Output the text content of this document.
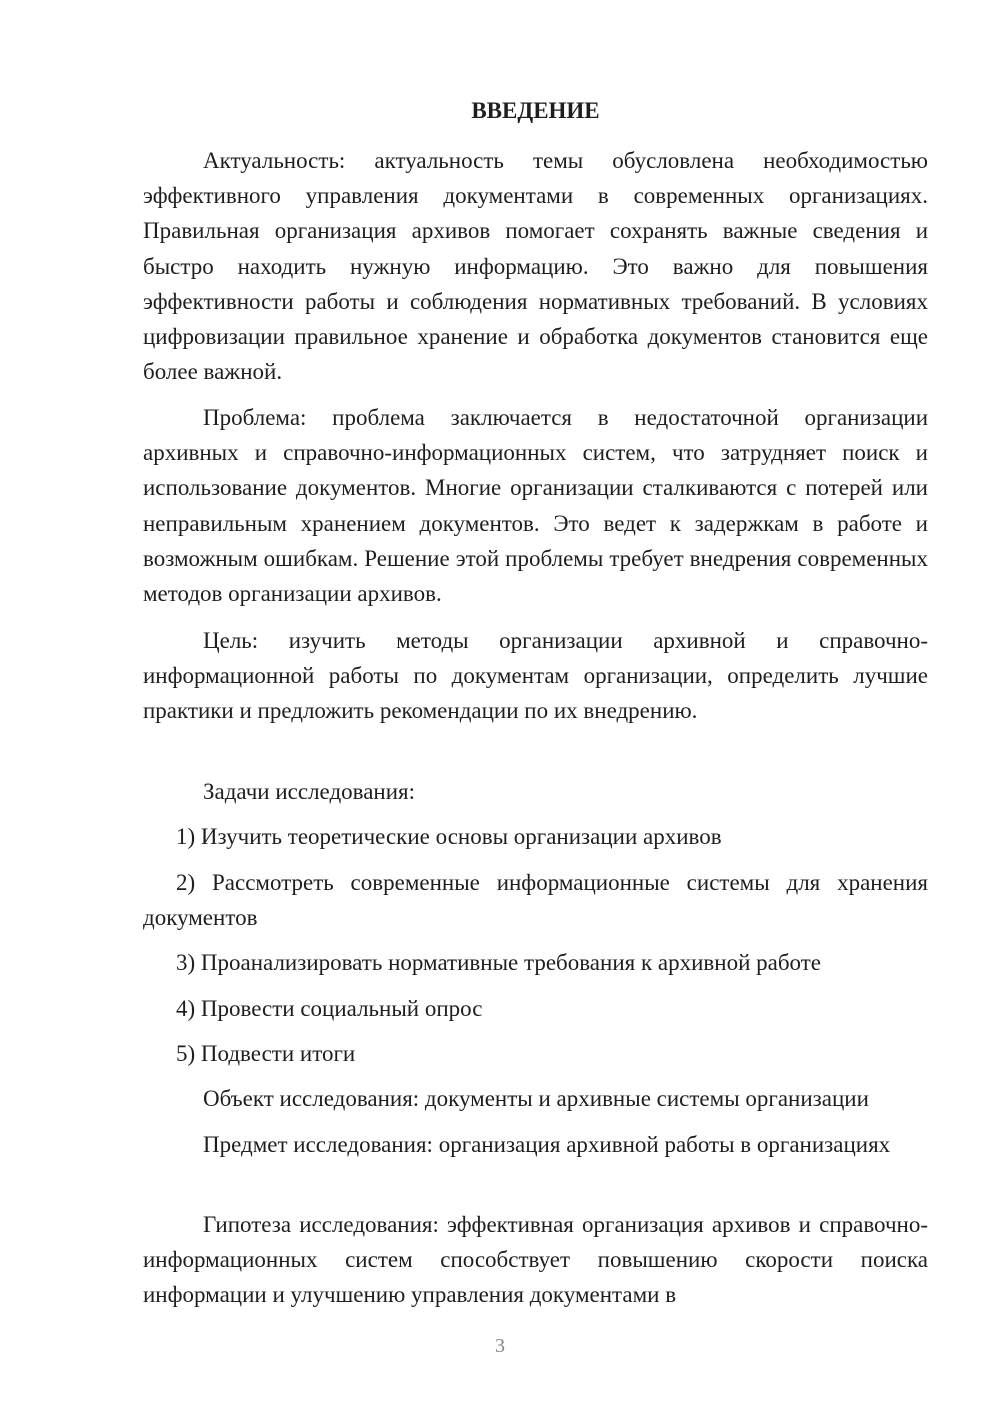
ВВЕДЕНИЕ

Актуальность: актуальность темы обусловлена необходимостью эффективного управления документами в современных организациях. Правильная организация архивов помогает сохранять важные сведения и быстро находить нужную информацию. Это важно для повышения эффективности работы и соблюдения нормативных требований. В условиях цифровизации правильное хранение и обработка документов становится еще более важной.

Проблема: проблема заключается в недостаточной организации архивных и справочно-информационных систем, что затрудняет поиск и использование документов. Многие организации сталкиваются с потерей или неправильным хранением документов. Это ведет к задержкам в работе и возможным ошибкам. Решение этой проблемы требует внедрения современных методов организации архивов.

Цель: изучить методы организации архивной и справочно-информационной работы по документам организации, определить лучшие практики и предложить рекомендации по их внедрению.

Задачи исследования:

1) Изучить теоретические основы организации архивов

2) Рассмотреть современные информационные системы для хранения документов

3) Проанализировать нормативные требования к архивной работе

4) Провести социальный опрос

5) Подвести итоги

Объект исследования: документы и архивные системы организации

Предмет исследования: организация архивной работы в организациях

Гипотеза исследования: эффективная организация архивов и справочно-информационных систем способствует повышению скорости поиска информации и улучшению управления документами в

3
